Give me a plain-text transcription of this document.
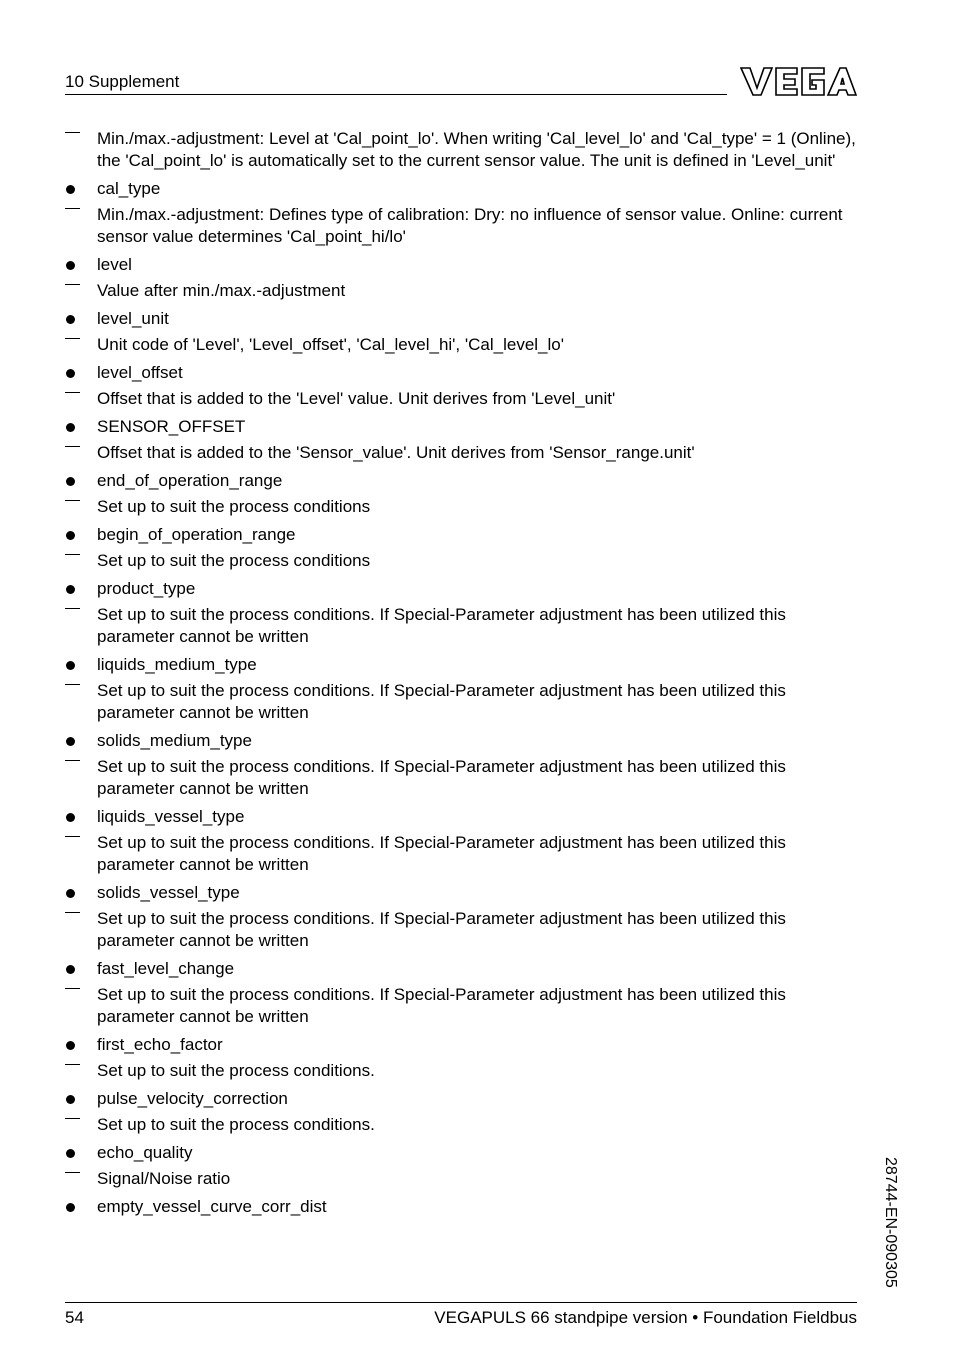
10 Supplement
Min./max.-adjustment: Level at 'Cal_point_lo'. When writing 'Cal_level_lo' and 'Cal_type' = 1 (Online), the 'Cal_point_lo' is automatically set to the current sensor value. The unit is defined in 'Level_unit'
cal_type
Min./max.-adjustment: Defines type of calibration: Dry: no influence of sensor value. Online: current sensor value determines 'Cal_point_hi/lo'
level
Value after min./max.-adjustment
level_unit
Unit code of 'Level', 'Level_offset', 'Cal_level_hi', 'Cal_level_lo'
level_offset
Offset that is added to the 'Level' value. Unit derives from 'Level_unit'
SENSOR_OFFSET
Offset that is added to the 'Sensor_value'. Unit derives from 'Sensor_range.unit'
end_of_operation_range
Set up to suit the process conditions
begin_of_operation_range
Set up to suit the process conditions
product_type
Set up to suit the process conditions. If Special-Parameter adjustment has been utilized this parameter cannot be written
liquids_medium_type
Set up to suit the process conditions. If Special-Parameter adjustment has been utilized this parameter cannot be written
solids_medium_type
Set up to suit the process conditions. If Special-Parameter adjustment has been utilized this parameter cannot be written
liquids_vessel_type
Set up to suit the process conditions. If Special-Parameter adjustment has been utilized this parameter cannot be written
solids_vessel_type
Set up to suit the process conditions. If Special-Parameter adjustment has been utilized this parameter cannot be written
fast_level_change
Set up to suit the process conditions. If Special-Parameter adjustment has been utilized this parameter cannot be written
first_echo_factor
Set up to suit the process conditions.
pulse_velocity_correction
Set up to suit the process conditions.
echo_quality
Signal/Noise ratio
empty_vessel_curve_corr_dist	28744-EN-090305
54	VEGAPULS 66 standpipe version • Foundation Fieldbus
